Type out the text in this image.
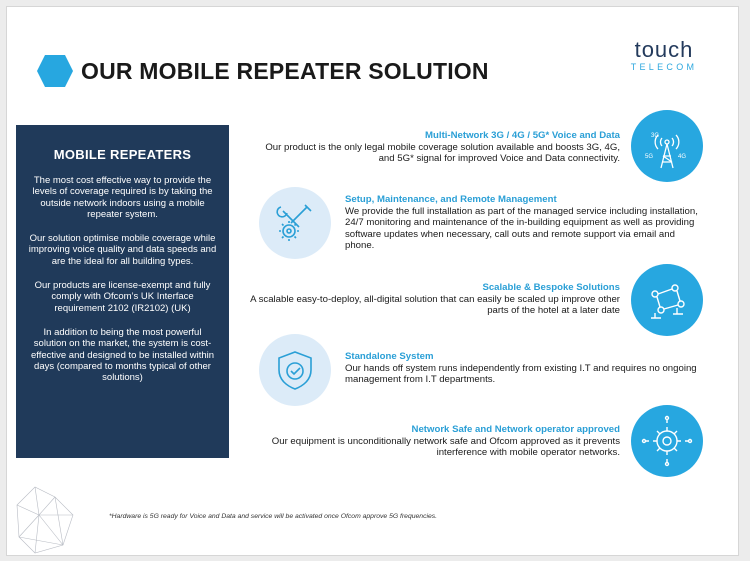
OUR MOBILE REPEATER SOLUTION
touch
TELECOM
MOBILE REPEATERS

The most cost effective way to provide the levels of coverage required is by taking the outside network indoors using a mobile repeater system.

Our solution optimise mobile coverage while improving voice quality and data speeds and are the ideal for all building types.

Our products are license-exempt and fully comply with Ofcom’s UK Interface requirement 2102 (IR2102) (UK)

In addition to being the most powerful solution on the market, the system is cost-effective and designed to be installed within days (compared to months typical of other solutions)

Multi-Network 3G / 4G / 5G* Voice and Data
Our product is the only legal mobile coverage solution available and boosts 3G, 4G, and 5G* signal for improved Voice and Data connectivity.
3G
4G
5G
Setup, Maintenance, and Remote Management
We provide the full installation as part of the managed service including installation, 24/7 monitoring and maintenance of the in-building equipment as well as providing software updates when necessary, call outs and remote support via email and phone.
Scalable & Bespoke Solutions
A scalable easy-to-deploy, all-digital solution that can easily be scaled up improve other parts of the hotel at a later date
Standalone System
Our hands off system runs independently from existing I.T and requires no ongoing management from I.T departments.
Network Safe and Network operator approved
Our equipment is unconditionally network safe and Ofcom approved as it prevents interference with mobile operator networks.
*Hardware is 5G ready for Voice and Data and service will be activated once Ofcom approve 5G frequencies.
